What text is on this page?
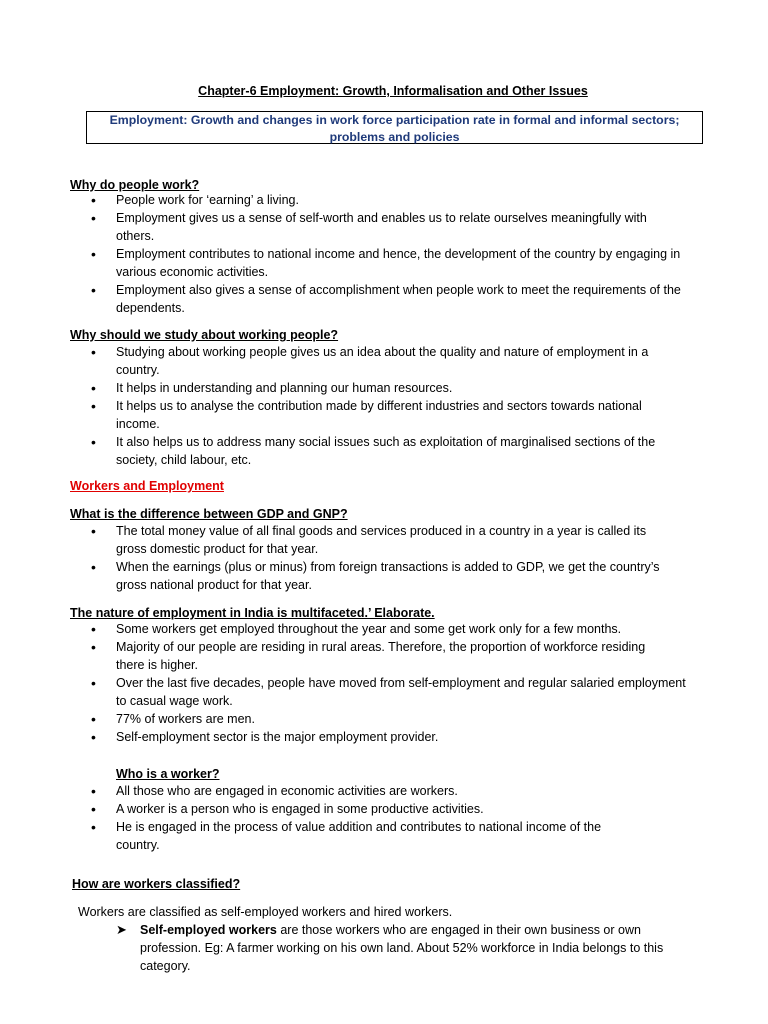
Chapter-6 Employment: Growth, Informalisation and Other Issues
Employment: Growth and changes in work force participation rate in formal and informal sectors;
problems and policies
Why do people work?
• People work for ‘earning’ a living.
• Employment gives us a sense of self-worth and enables us to relate ourselves meaningfully with others.
• Employment contributes to national income and hence, the development of the country by engaging in various economic activities.
• Employment also gives a sense of accomplishment when people work to meet the requirements of the dependents.
Why should we study about working people?
• Studying about working people gives us an idea about the quality and nature of employment in a country.
• It helps in understanding and planning our human resources.
• It helps us to analyse the contribution made by different industries and sectors towards national income.
• It also helps us to address many social issues such as exploitation of marginalised sections of the society, child labour, etc.
Workers and Employment
What is the difference between GDP and GNP?
• The total money value of all final goods and services produced in a country in a year is called its gross domestic product for that year.
• When the earnings (plus or minus) from foreign transactions is added to GDP, we get the country’s gross national product for that year.
The nature of employment in India is multifaceted.’ Elaborate.
• Some workers get employed throughout the year and some get work only for a few months.
• Majority of our people are residing in rural areas. Therefore, the proportion of workforce residing there is higher.
• Over the last five decades, people have moved from self-employment and regular salaried employment to casual wage work.
• 77% of workers are men.
• Self-employment sector is the major employment provider.
Who is a worker?
• All those who are engaged in economic activities are workers.
• A worker is a person who is engaged in some productive activities.
• He is engaged in the process of value addition and contributes to national income of the country.
How are workers classified?
Workers are classified as self-employed workers and hired workers.
➤	Self-employed workers are those workers who are engaged in their own business or own profession. Eg: A farmer working on his own land. About 52% workforce in India belongs to this category.
